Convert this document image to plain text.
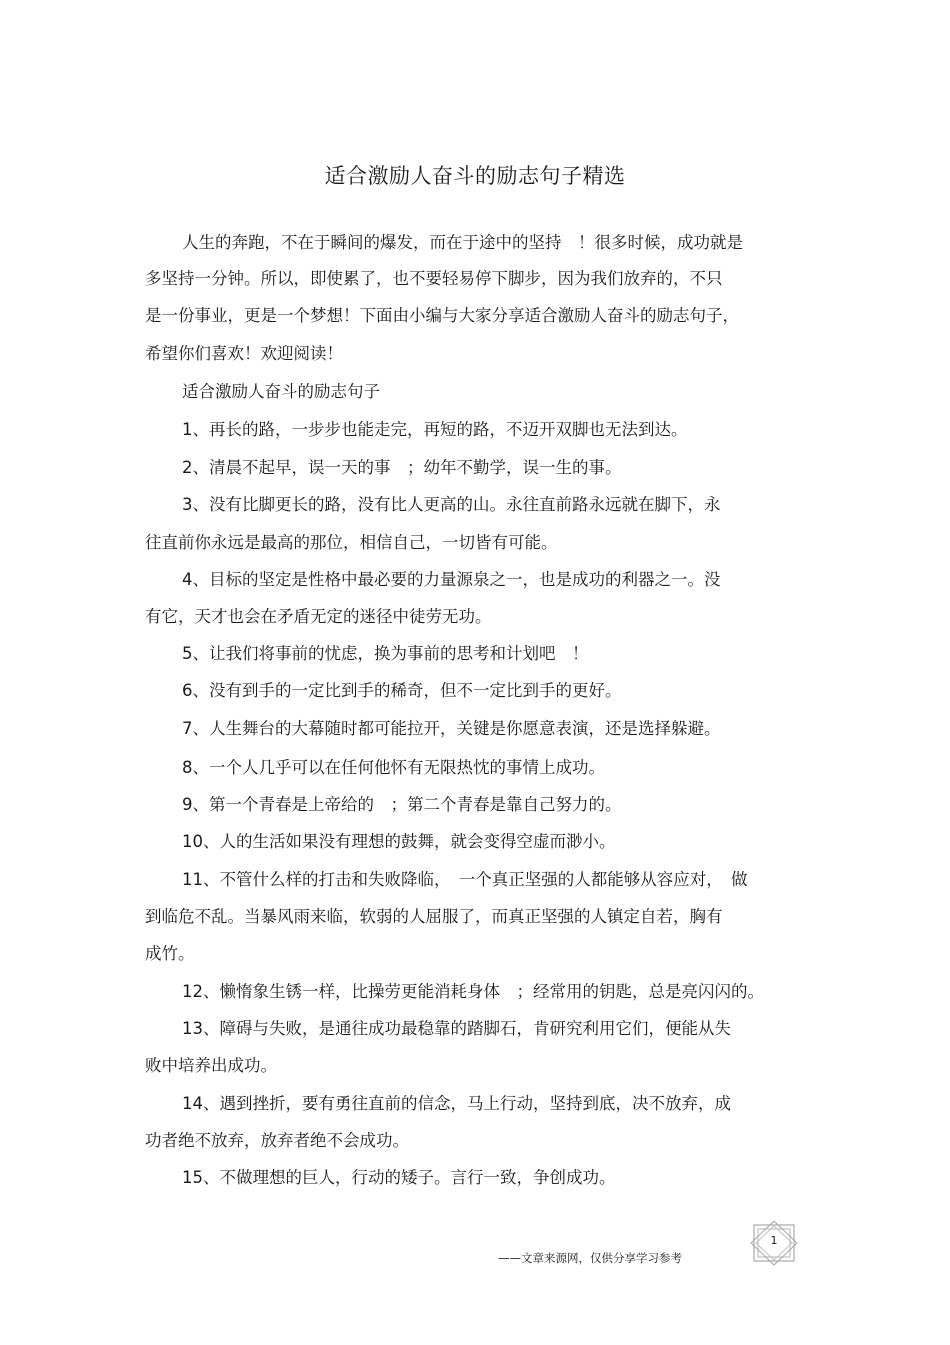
适合激励人奋斗的励志句子精选
人生的奔跑，不在于瞬间的爆发，而在于途中的坚持　！很多时候，成功就是
多坚持一分钟。所以，即使累了，也不要轻易停下脚步，因为我们放弃的，不只
是一份事业，更是一个梦想！下面由小编与大家分享适合激励人奋斗的励志句子，
希望你们喜欢！欢迎阅读！
适合激励人奋斗的励志句子
1、再长的路，一步步也能走完，再短的路，不迈开双脚也无法到达。
2、清晨不起早，误一天的事　；幼年不勤学，误一生的事。
3、没有比脚更长的路，没有比人更高的山。永往直前路永远就在脚下，永
往直前你永远是最高的那位，相信自己，一切皆有可能。
4、目标的坚定是性格中最必要的力量源泉之一，也是成功的利器之一。没
有它，天才也会在矛盾无定的迷径中徒劳无功。
5、让我们将事前的忧虑，换为事前的思考和计划吧　！
6、没有到手的一定比到手的稀奇，但不一定比到手的更好。
7、人生舞台的大幕随时都可能拉开，关键是你愿意表演，还是选择躲避。
8、一个人几乎可以在任何他怀有无限热忱的事情上成功。
9、第一个青春是上帝给的　；第二个青春是靠自己努力的。
10、人的生活如果没有理想的鼓舞，就会变得空虚而渺小。
11、不管什么样的打击和失败降临，　一个真正坚强的人都能够从容应对，　做
到临危不乱。当暴风雨来临，软弱的人屈服了，而真正坚强的人镇定自若，胸有
成竹。
12、懒惰象生锈一样，比操劳更能消耗身体　；经常用的钥匙，总是亮闪闪的。
13、障碍与失败，是通往成功最稳靠的踏脚石，肯研究利用它们，便能从失
败中培养出成功。
14、遇到挫折，要有勇往直前的信念，马上行动，坚持到底，决不放弃，成
功者绝不放弃，放弃者绝不会成功。
15、不做理想的巨人，行动的矮子。言行一致，争创成功。
1
——文章来源网，仅供分享学习参考
